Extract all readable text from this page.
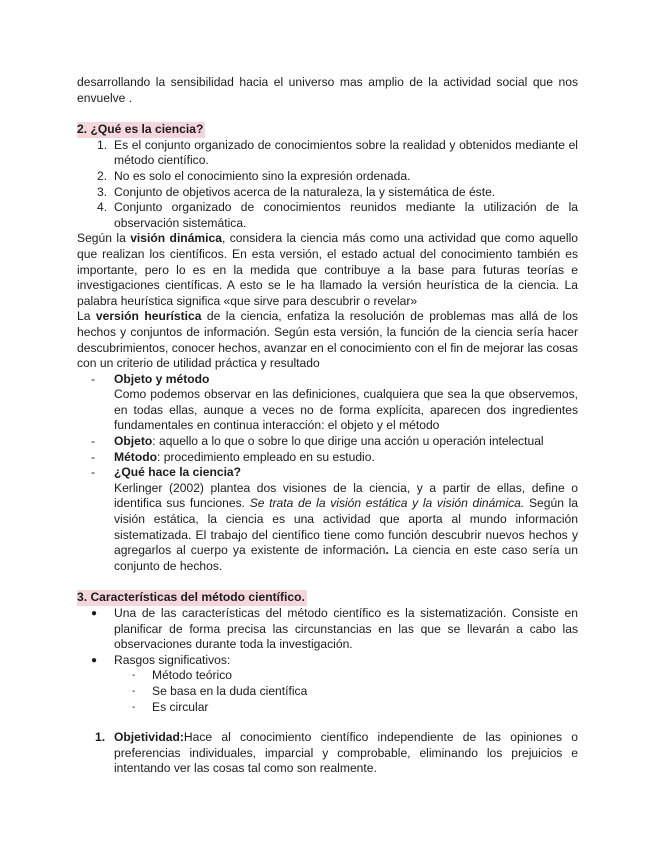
desarrollando la sensibilidad hacia el universo mas amplio de la actividad social que nos envuelve .

2. ¿Qué es la ciencia?

1. Es el conjunto organizado de conocimientos sobre la realidad y obtenidos mediante el método científico.
2. No es solo el conocimiento sino la expresión ordenada.
3. Conjunto de objetivos acerca de la naturaleza, la y sistemática de éste.
4. Conjunto organizado de conocimientos reunidos mediante la utilización de la observación sistemática.

Según la visión dinámica, considera la ciencia más como una actividad que como aquello que realizan los científicos. En esta versión, el estado actual del conocimiento también es importante, pero lo es en la medida que contribuye a la base para futuras teorías e investigaciones científicas. A esto se le ha llamado la versión heurística de la ciencia. La palabra heurística significa «que sirve para descubrir o revelar»

La versión heurística de la ciencia, enfatiza la resolución de problemas mas allá de los hechos y conjuntos de información. Según esta versión, la función de la ciencia sería hacer descubrimientos, conocer hechos, avanzar en el conocimiento con el fin de mejorar las cosas con un criterio de utilidad práctica y resultado

- Objeto y método

Como podemos observar en las definiciones, cualquiera que sea la que observemos, en todas ellas, aunque a veces no de forma explícita, aparecen dos ingredientes fundamentales en continua interacción: el objeto y el método

- Objeto: aquello a lo que o sobre lo que dirige una acción u operación intelectual
- Método: procedimiento empleado en su estudio.
- ¿Qué hace la ciencia?

Kerlinger (2002) plantea dos visiones de la ciencia, y a partir de ellas, define o identifica sus funciones. Se trata de la visión estática y la visión dinámica. Según la visión estática, la ciencia es una actividad que aporta al mundo información sistematizada. El trabajo del científico tiene como función descubrir nuevos hechos y agregarlos al cuerpo ya existente de información. La ciencia en este caso sería un conjunto de hechos.

3. Características del método científico.

● Una de las características del método científico es la sistematización. Consiste en planificar de forma precisa las circunstancias en las que se llevarán a cabo las observaciones durante toda la investigación.

● Rasgos significativos:

- Método teórico
- Se basa en la duda científica
- Es circular
1. Objetividad:Hace al conocimiento científico independiente de las opiniones o preferencias individuales, imparcial y comprobable, eliminando los prejuicios e intentando ver las cosas tal como son realmente.
